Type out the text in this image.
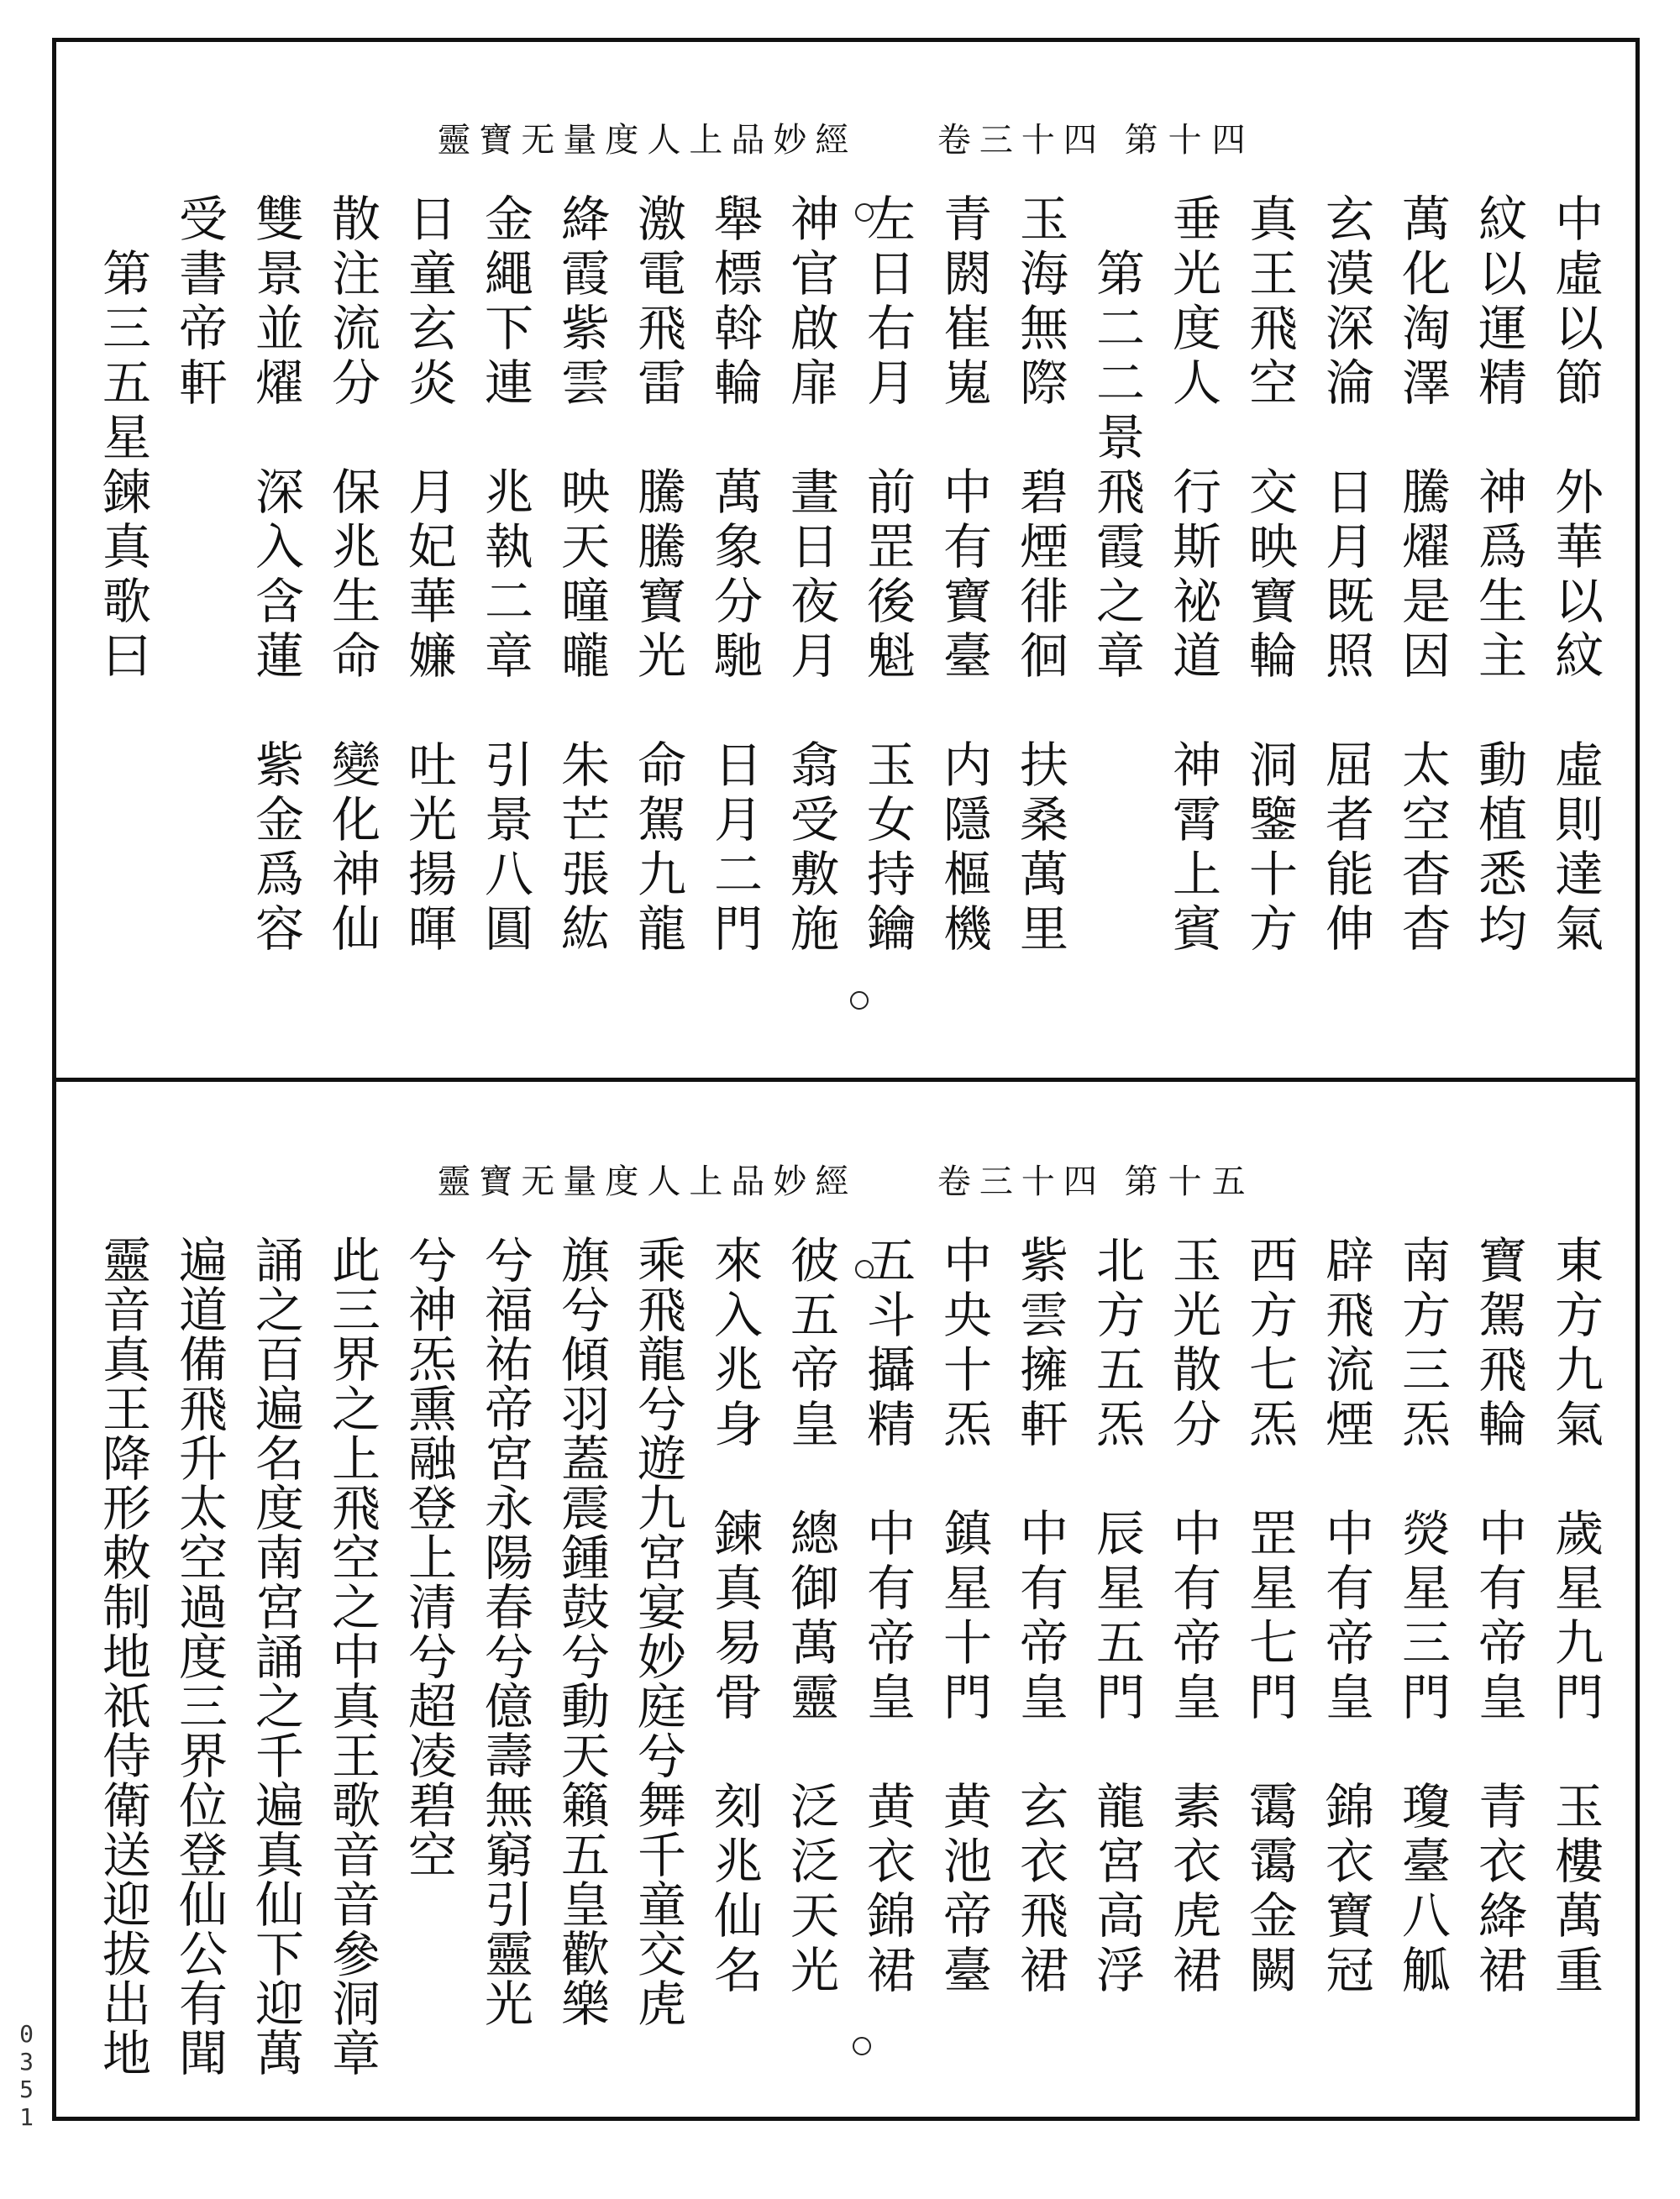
靈寶无量度人上品妙經 　 卷三十四 第十四
中虛以節　外華以紋　虛則達氣
紋以運精　神爲生主　動植悉均
萬化淘澤　騰燿是因　太空杳杳
玄漠深淪　日月既照　屈者能伸
真王飛空　交映寶輪　洞鑒十方
垂光度人　行斯祕道　神霄上賓
　第二二景飛霞之章
玉海無際　碧煙徘徊　扶桑萬里
青閼崔嵬　中有寶臺　内隱樞機
左日右月　前罡後魁　玉女持鑰
神官啟扉　晝日夜月　翕受敷施
舉標斡輪　萬象分馳　日月二門
激電飛雷　騰騰寶光　命駕九龍
絳霞紫雲　映天曈曨　朱芒張紘
金繩下連　兆執二章　引景八圓
日童玄炎　月妃華嬚　吐光揚暉
散注流分　保兆生命　變化神仙
雙景並燿　深入含蓮　紫金爲容
受書帝軒
　第三五星鍊真歌曰
靈寶无量度人上品妙經 　 卷三十四 第十五
東方九氣　歲星九門　玉樓萬重
寶駕飛輪　中有帝皇　青衣絳裙
南方三炁　熒星三門　瓊臺八觚
辟飛流煙　中有帝皇　錦衣寶冠
西方七炁　罡星七門　霭霭金闕
玉光散分　中有帝皇　素衣虎裙
北方五炁　辰星五門　龍宮高浮
紫雲擁軒　中有帝皇　玄衣飛裙
中央十炁　鎮星十門　黄池帝臺
五斗攝精　中有帝皇　黄衣錦裙
彼五帝皇　總御萬靈　泛泛天光
來入兆身　鍊真易骨　刻兆仙名
乘飛龍兮遊九宮宴妙庭兮舞千童交虎
旗兮傾羽蓋震鍾鼓兮動天籟五皇歡樂
兮福祐帝宮永陽春兮億壽無窮引靈光
兮神炁熏融登上清兮超凌碧空
此三界之上飛空之中真王歌音音參洞章
誦之百遍名度南宮誦之千遍真仙下迎萬
遍道備飛升太空過度三界位登仙公有聞
靈音真王降形敕制地祇侍衛送迎拔出地
0351
